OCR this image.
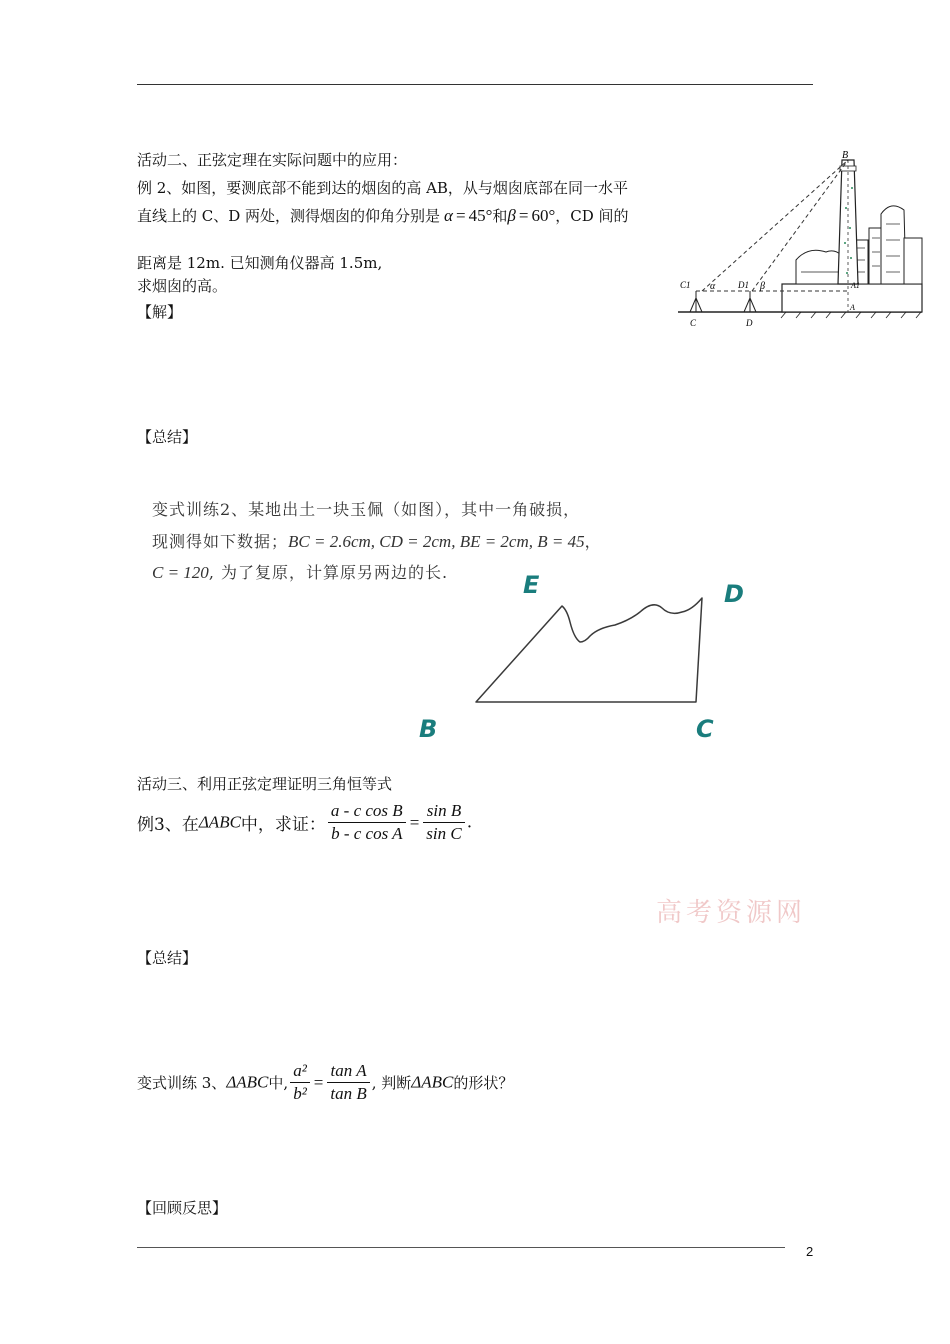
活动二、正弦定理在实际问题中的应用：
例 2、如图，要测底部不能到达的烟囱的高 AB，从与烟囱底部在同一水平
直线上的 C、D 两处，测得烟囱的仰角分别是 α = 45°和β = 60°，CD 间的
距离是 12m. 已知测角仪器高 1.5m,
求烟囱的高。
【解】
【总结】
B
C1 α	D1 β	A1
C	D
A
变式训练2、某地出土一块玉佩（如图），其中一角破损，
现测得如下数据；BC = 2.6cm, CD = 2cm, BE = 2cm, B = 45，
C = 120, 为了复原，计算原另两边的长.	E	D
B	C
活动三、利用正弦定理证明三角恒等式
例3、在ΔABC中，求证： $\frac{\text{a - c cos B}}{\text{b - c cos A}} = \frac{\text{sin B}}{\text{sin C}}$ .
高考资源网
【总结】
变式训练 3、ΔABC中, $\frac{\text{a²}}{\text{b²}} = \frac{\text{tan A}}{\text{tan B}}$ , 判断ΔABC的形状？
【回顾反思】
2
